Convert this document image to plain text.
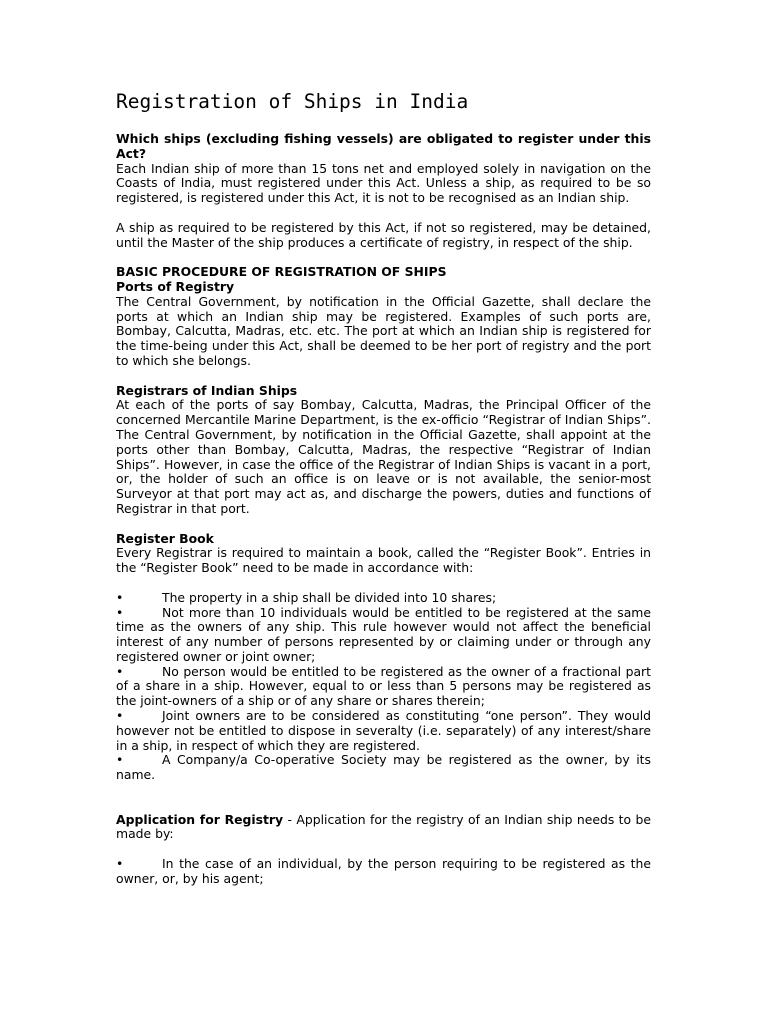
Registration of Ships in India

Which ships (excluding fishing vessels) are obligated to register under this Act?

Each Indian ship of more than 15 tons net and employed solely in navigation on the Coasts of India, must registered under this Act. Unless a ship, as required to be so registered, is registered under this Act, it is not to be recognised as an Indian ship.

A ship as required to be registered by this Act, if not so registered, may be detained, until the Master of the ship produces a certificate of registry, in respect of the ship.

BASIC PROCEDURE OF REGISTRATION OF SHIPS

Ports of Registry

The Central Government, by notification in the Official Gazette, shall declare the ports at which an Indian ship may be registered. Examples of such ports are, Bombay, Calcutta, Madras, etc. etc. The port at which an Indian ship is registered for the time-being under this Act, shall be deemed to be her port of registry and the port to which she belongs.

Registrars of Indian Ships

At each of the ports of say Bombay, Calcutta, Madras, the Principal Officer of the concerned Mercantile Marine Department, is the ex-officio “Registrar of Indian Ships”. The Central Government, by notification in the Official Gazette, shall appoint at the ports other than Bombay, Calcutta, Madras, the respective “Registrar of Indian Ships”. However, in case the office of the Registrar of Indian Ships is vacant in a port, or, the holder of such an office is on leave or is not available, the senior-most Surveyor at that port may act as, and discharge the powers, duties and functions of Registrar in that port.

Register Book

Every Registrar is required to maintain a book, called the “Register Book”. Entries in the “Register Book” need to be made in accordance with:

•	The property in a ship shall be divided into 10 shares;

•	Not more than 10 individuals would be entitled to be registered at the same time as the owners of any ship. This rule however would not affect the beneficial interest of any number of persons represented by or claiming under or through any registered owner or joint owner;

•	No person would be entitled to be registered as the owner of a fractional part of a share in a ship. However, equal to or less than 5 persons may be registered as the joint-owners of a ship or of any share or shares therein;

•	Joint owners are to be considered as constituting “one person”. They would however not be entitled to dispose in severalty (i.e. separately) of any interest/share in a ship, in respect of which they are registered.

•	A Company/a Co-operative Society may be registered as the owner, by its name.

Application for Registry - Application for the registry of an Indian ship needs to be made by:

•	In the case of an individual, by the person requiring to be registered as the owner, or, by his agent;
